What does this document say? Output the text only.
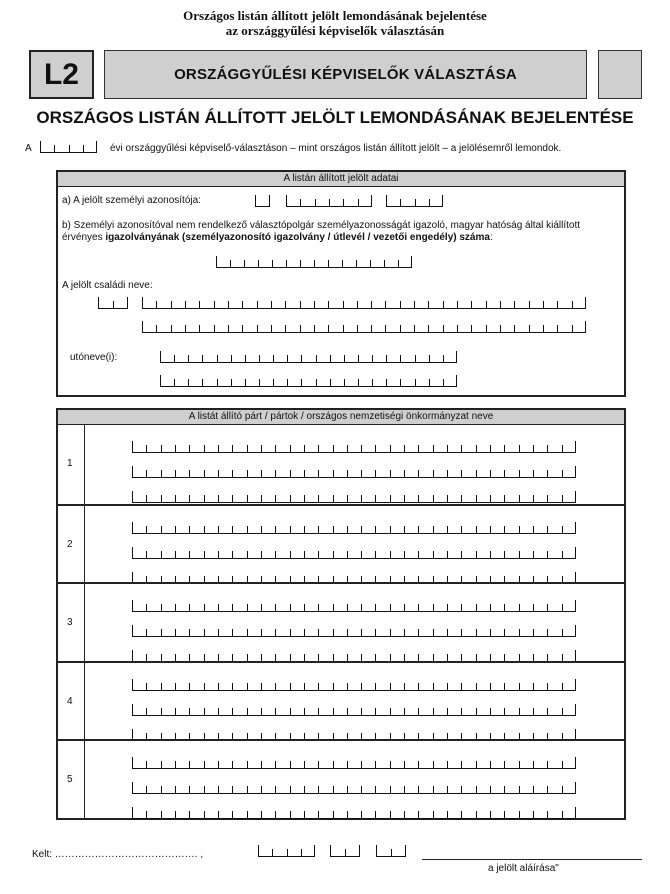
Országos listán állított jelölt lemondásának bejelentése
az országgyűlési képviselők választásán
L2	ORSZÁGGYŰLÉSI KÉPVISELŐK VÁLASZTÁSA
ORSZÁGOS LISTÁN ÁLLÍTOTT JELÖLT LEMONDÁSÁNAK BEJELENTÉSE
A	évi országgyűlési képviselő-választáson – mint országos listán állított jelölt – a jelölésemről lemondok.
A listán állított jelölt adatai
a) A jelölt személyi azonosítója:
b) Személyi azonosítóval nem rendelkező választópolgár személyazonosságát igazoló, magyar hatóság által kiállított érvényes igazolványának (személyazonosító igazolvány / útlevél / vezetői engedély) száma:
A jelölt családi neve:
utóneve(i):
A listát állító párt / pártok / országos nemzetiségi önkormányzat neve
1
2
3
4
5
Kelt: ……………………………………. ,
a jelölt aláírása"
